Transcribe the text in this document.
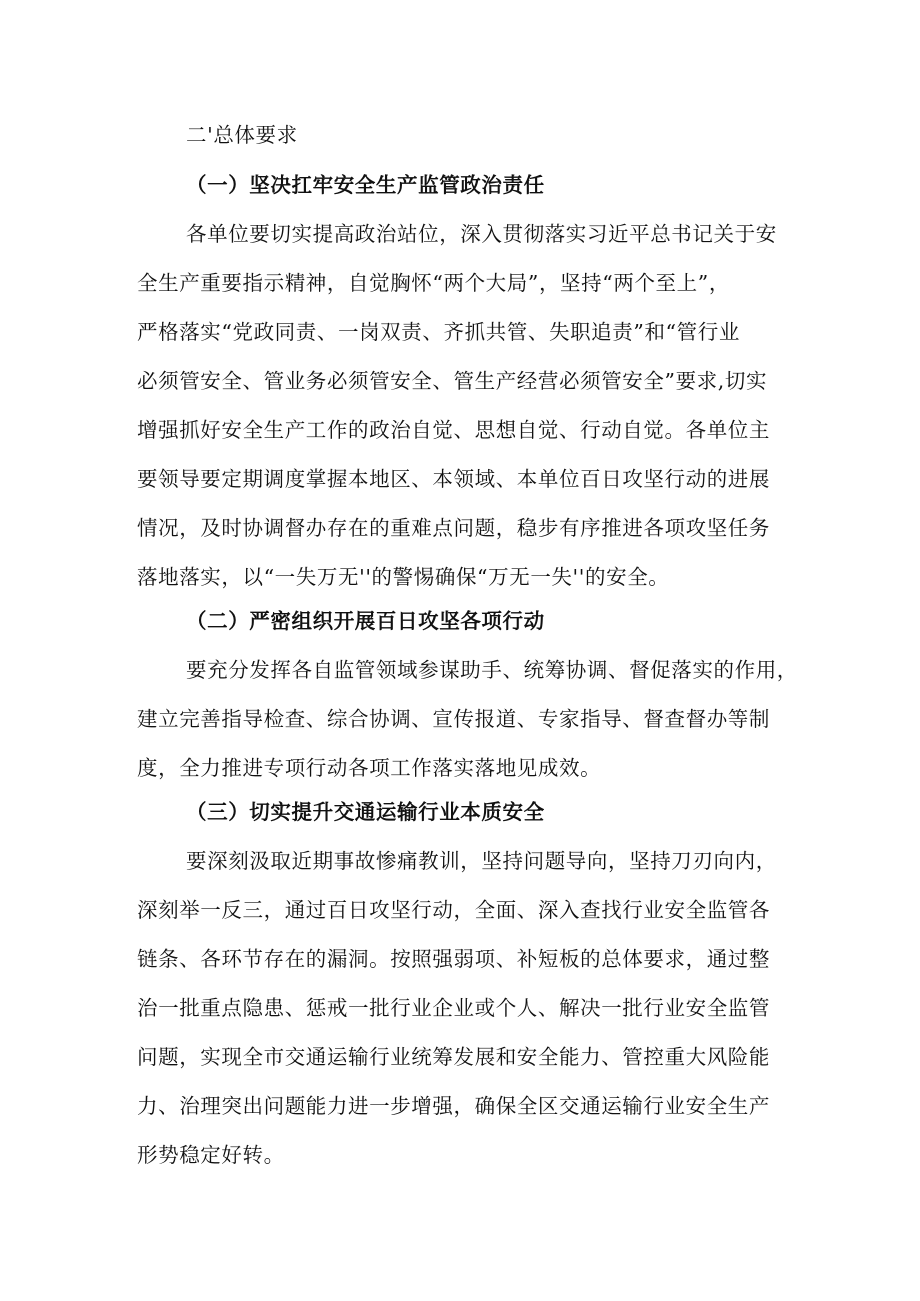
二'总体要求

（一）坚决扛牢安全生产监管政治责任

各单位要切实提高政治站位，深入贯彻落实习近平总书记关于安

全生产重要指示精神，自觉胸怀“两个大局”，坚持“两个至上”，

严格落实“党政同责、一岗双责、齐抓共管、失职追责”和“管行业

必须管安全、管业务必须管安全、管生产经营必须管安全”要求,切实

增强抓好安全生产工作的政治自觉、思想自觉、行动自觉。各单位主

要领导要定期调度掌握本地区、本领域、本单位百日攻坚行动的进展

情况，及时协调督办存在的重难点问题，稳步有序推进各项攻坚任务

落地落实，以“一失万无''的警惕确保“万无一失''的安全。

（二）严密组织开展百日攻坚各项行动

要充分发挥各自监管领域参谋助手、统筹协调、督促落实的作用，

建立完善指导检查、综合协调、宣传报道、专家指导、督查督办等制

度，全力推进专项行动各项工作落实落地见成效。

（三）切实提升交通运输行业本质安全

要深刻汲取近期事故惨痛教训，坚持问题导向，坚持刀刃向内，

深刻举一反三，通过百日攻坚行动，全面、深入查找行业安全监管各

链条、各环节存在的漏洞。按照强弱项、补短板的总体要求，通过整

治一批重点隐患、惩戒一批行业企业或个人、解决一批行业安全监管

问题，实现全市交通运输行业统筹发展和安全能力、管控重大风险能

力、治理突出问题能力进一步增强，确保全区交通运输行业安全生产

形势稳定好转。
